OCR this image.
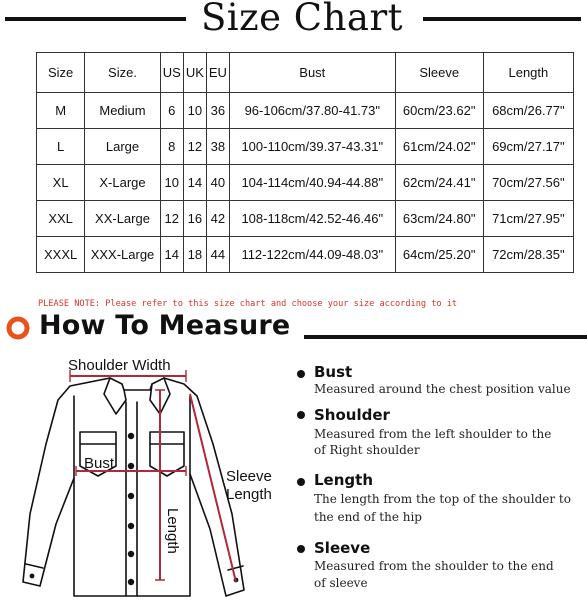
Size Chart
Size	Size.	US	UK	EU	Bust	Sleeve	Length
M	Medium	6	10	36	96-106cm/37.80-41.73"	60cm/23.62"	68cm/26.77"
L	Large	8	12	38	100-110cm/39.37-43.31"	61cm/24.02"	69cm/27.17"
XL	X-Large	10	14	40	104-114cm/40.94-44.88"	62cm/24.41"	70cm/27.56"
XXL	XX-Large	12	16	42	108-118cm/42.52-46.46"	63cm/24.80"	71cm/27.95"
XXXL	XXX-Large	14	18	44	112-122cm/44.09-48.03"	64cm/25.20"	72cm/28.35"
PLEASE NOTE: Please refer to this size chart and choose your size according to it
How To Measure
Shoulder Width
Bust
Sleeve
Length
Length
Bust
Measured around the chest position value
Shoulder
Measured from the left shoulder to the
of Right shoulder
Length
The length from the top of the shoulder to
the end of the hip
Sleeve
Measured from the shoulder to the end
of sleeve
